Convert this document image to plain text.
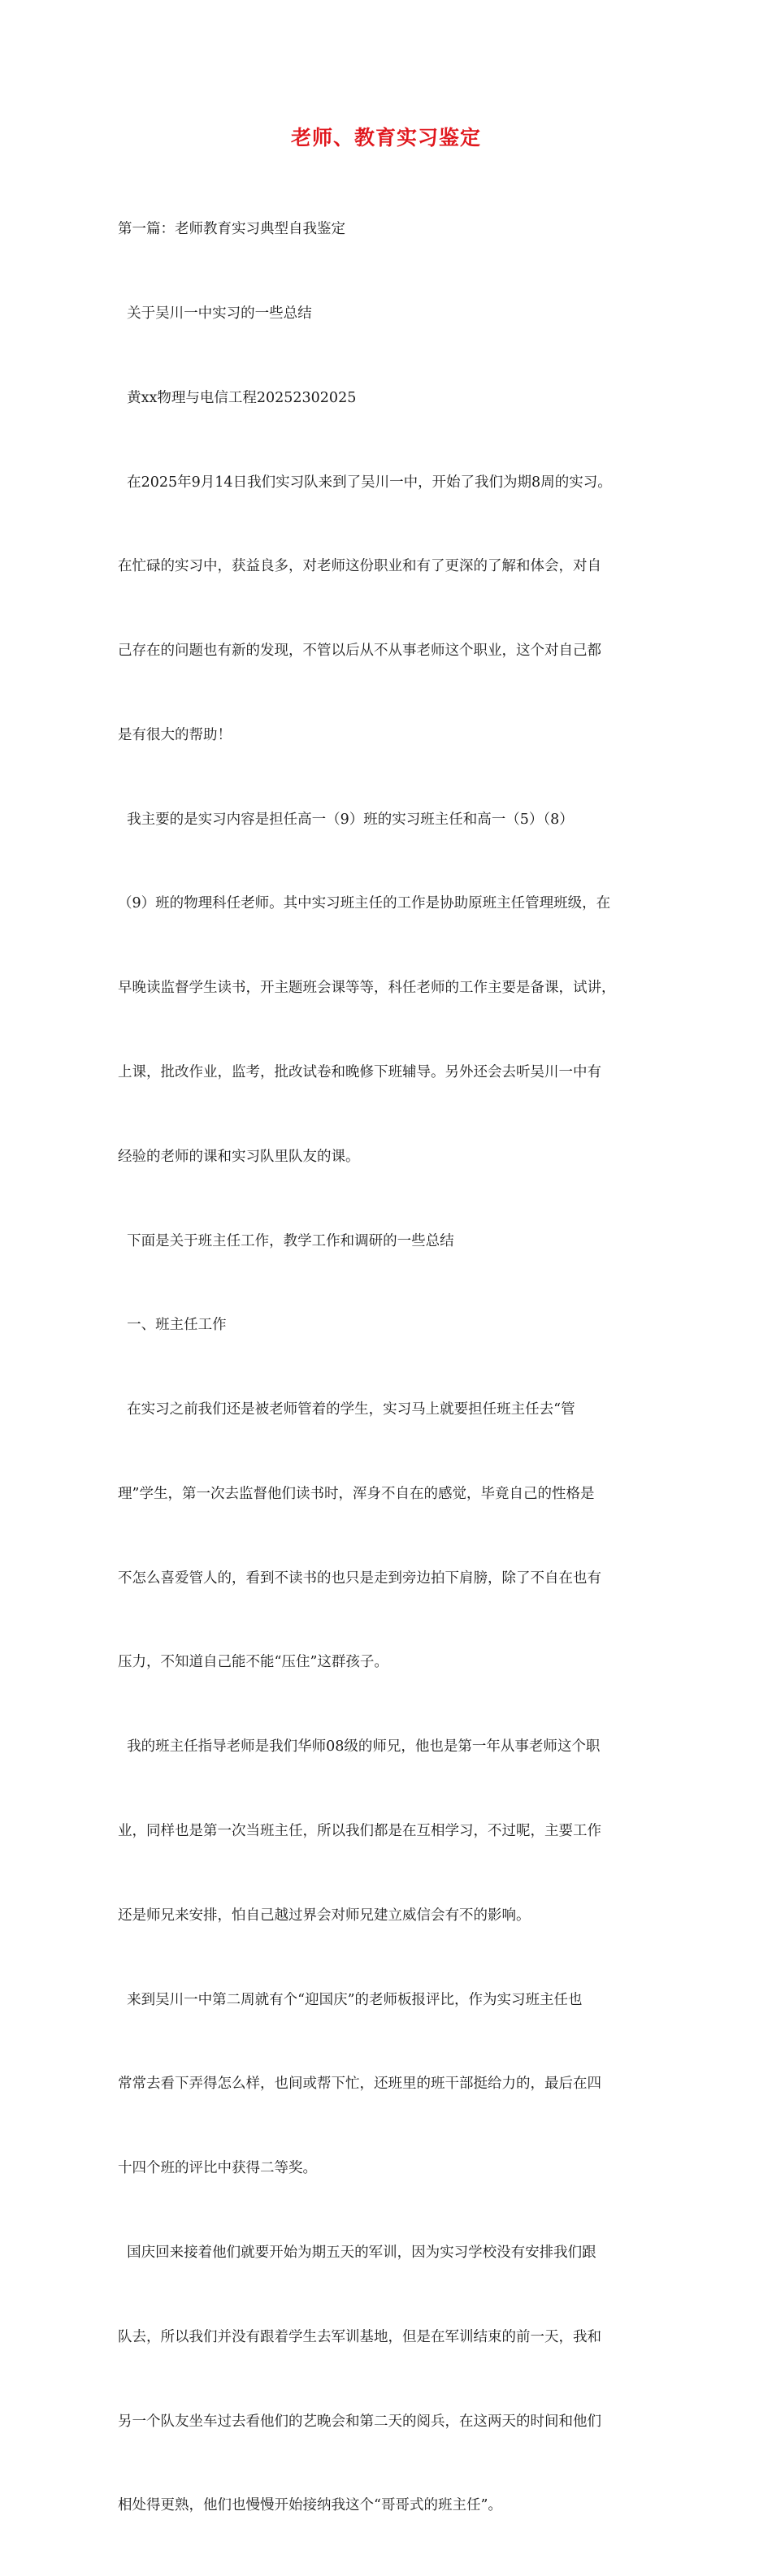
老师、教育实习鉴定

第一篇：老师教育实习典型自我鉴定

关于吴川一中实习的一些总结

黄xx物理与电信工程20252302025

在2025年9月14日我们实习队来到了吴川一中，开始了我们为期8周的实习。

在忙碌的实习中，获益良多，对老师这份职业和有了更深的了解和体会，对自

己存在的问题也有新的发现，不管以后从不从事老师这个职业，这个对自己都

是有很大的帮助！

我主要的是实习内容是担任高一（9）班的实习班主任和高一（5）（8）

（9）班的物理科任老师。其中实习班主任的工作是协助原班主任管理班级，在

早晚读监督学生读书，开主题班会课等等，科任老师的工作主要是备课，试讲，

上课，批改作业，监考，批改试卷和晚修下班辅导。另外还会去听吴川一中有

经验的老师的课和实习队里队友的课。

下面是关于班主任工作，教学工作和调研的一些总结

一、班主任工作

在实习之前我们还是被老师管着的学生，实习马上就要担任班主任去“管

理”学生，第一次去监督他们读书时，浑身不自在的感觉，毕竟自己的性格是

不怎么喜爱管人的，看到不读书的也只是走到旁边拍下肩膀，除了不自在也有

压力，不知道自己能不能“压住”这群孩子。

我的班主任指导老师是我们华师08级的师兄，他也是第一年从事老师这个职

业，同样也是第一次当班主任，所以我们都是在互相学习，不过呢，主要工作

还是师兄来安排，怕自己越过界会对师兄建立威信会有不的影响。

来到吴川一中第二周就有个“迎国庆”的老师板报评比，作为实习班主任也

常常去看下弄得怎么样，也间或帮下忙，还班里的班干部挺给力的，最后在四

十四个班的评比中获得二等奖。

国庆回来接着他们就要开始为期五天的军训，因为实习学校没有安排我们跟

队去，所以我们并没有跟着学生去军训基地，但是在军训结束的前一天，我和

另一个队友坐车过去看他们的艺晚会和第二天的阅兵，在这两天的时间和他们

相处得更熟，他们也慢慢开始接纳我这个“哥哥式的班主任”。
